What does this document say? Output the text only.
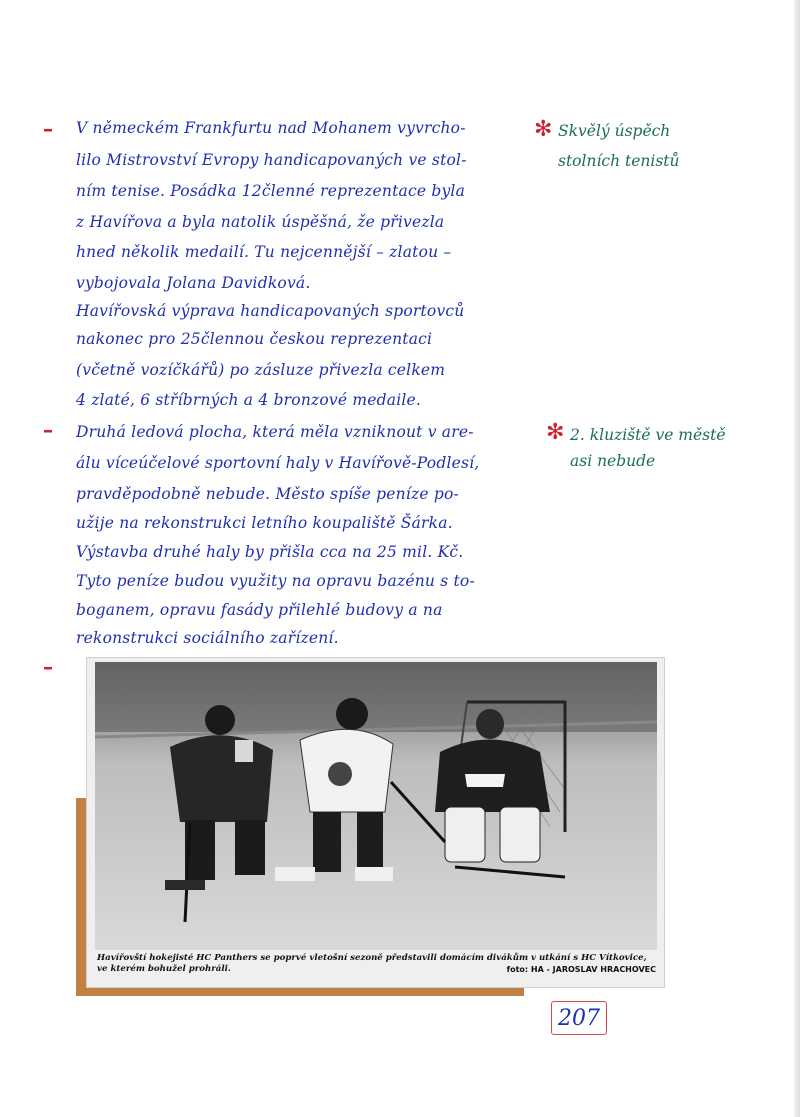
– V německém Frankfurtu nad Mohanem vyvrcho-

lilo Mistrovství Evropy handicapovaných ve stol-

ním tenise. Posádka 12členné reprezentace byla

z Havířova a byla natolik úspěšná, že přivezla

hned několik medailí. Tu nejcennější – zlatou –

vybojovala Jolana Davidková.

Havířovská výprava handicapovaných sportovců

nakonec pro 25člennou českou reprezentaci

(včetně vozíčkářů) po zásluze přivezla celkem

4 zlaté, 6 stříbrných a 4 bronzové medaile.

✻ Skvělý úspěch

stolních tenistů

– Druhá ledová plocha, která měla vzniknout v are-

álu víceúčelové sportovní haly v Havířově-Podlesí,

pravděpodobně nebude. Město spíše peníze po-

užije na rekonstrukci letního koupaliště Šárka.

Výstavba druhé haly by přišla cca na 25 mil. Kč.

Tyto peníze budou využity na opravu bazénu s to-

boganem, opravu fasády přilehlé budovy a na

rekonstrukci sociálního zařízení.

✻ 2. kluziště ve městě

asi nebude

–

Havířovští hokejisté HC Panthers se poprvé vletošní sezoně představili domácím divákům v utkání s HC Vítkovice, ve kterém bohužel prohráli.	foto: HA - JAROSLAV HRACHOVEC

207
